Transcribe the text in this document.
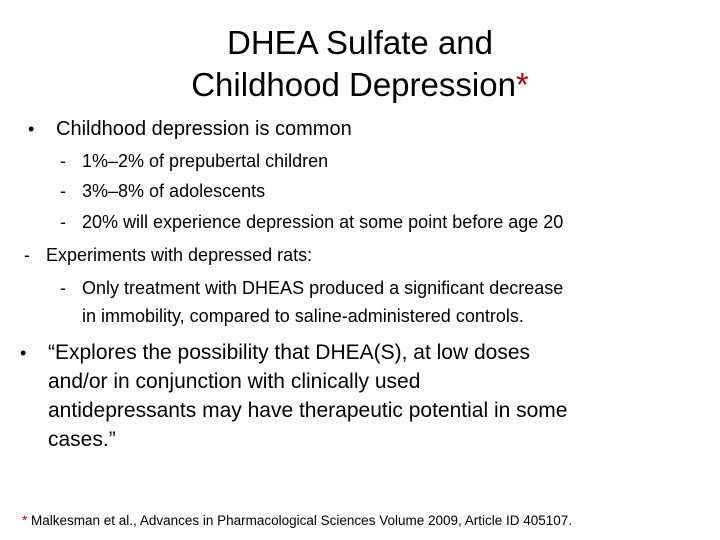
DHEA Sulfate and
Childhood Depression*
• Childhood depression is common
- 1%–2% of prepubertal children
- 3%–8% of adolescents
- 20% will experience depression at some point before age 20
- Experiments with depressed rats:
- Only treatment with DHEAS produced a significant decrease
in immobility, compared to saline-administered controls.
• “Explores the possibility that DHEA(S), at low doses
and/or in conjunction with clinically used
antidepressants may have therapeutic potential in some
cases.”
* Malkesman et al., Advances in Pharmacological Sciences Volume 2009, Article ID 405107.
